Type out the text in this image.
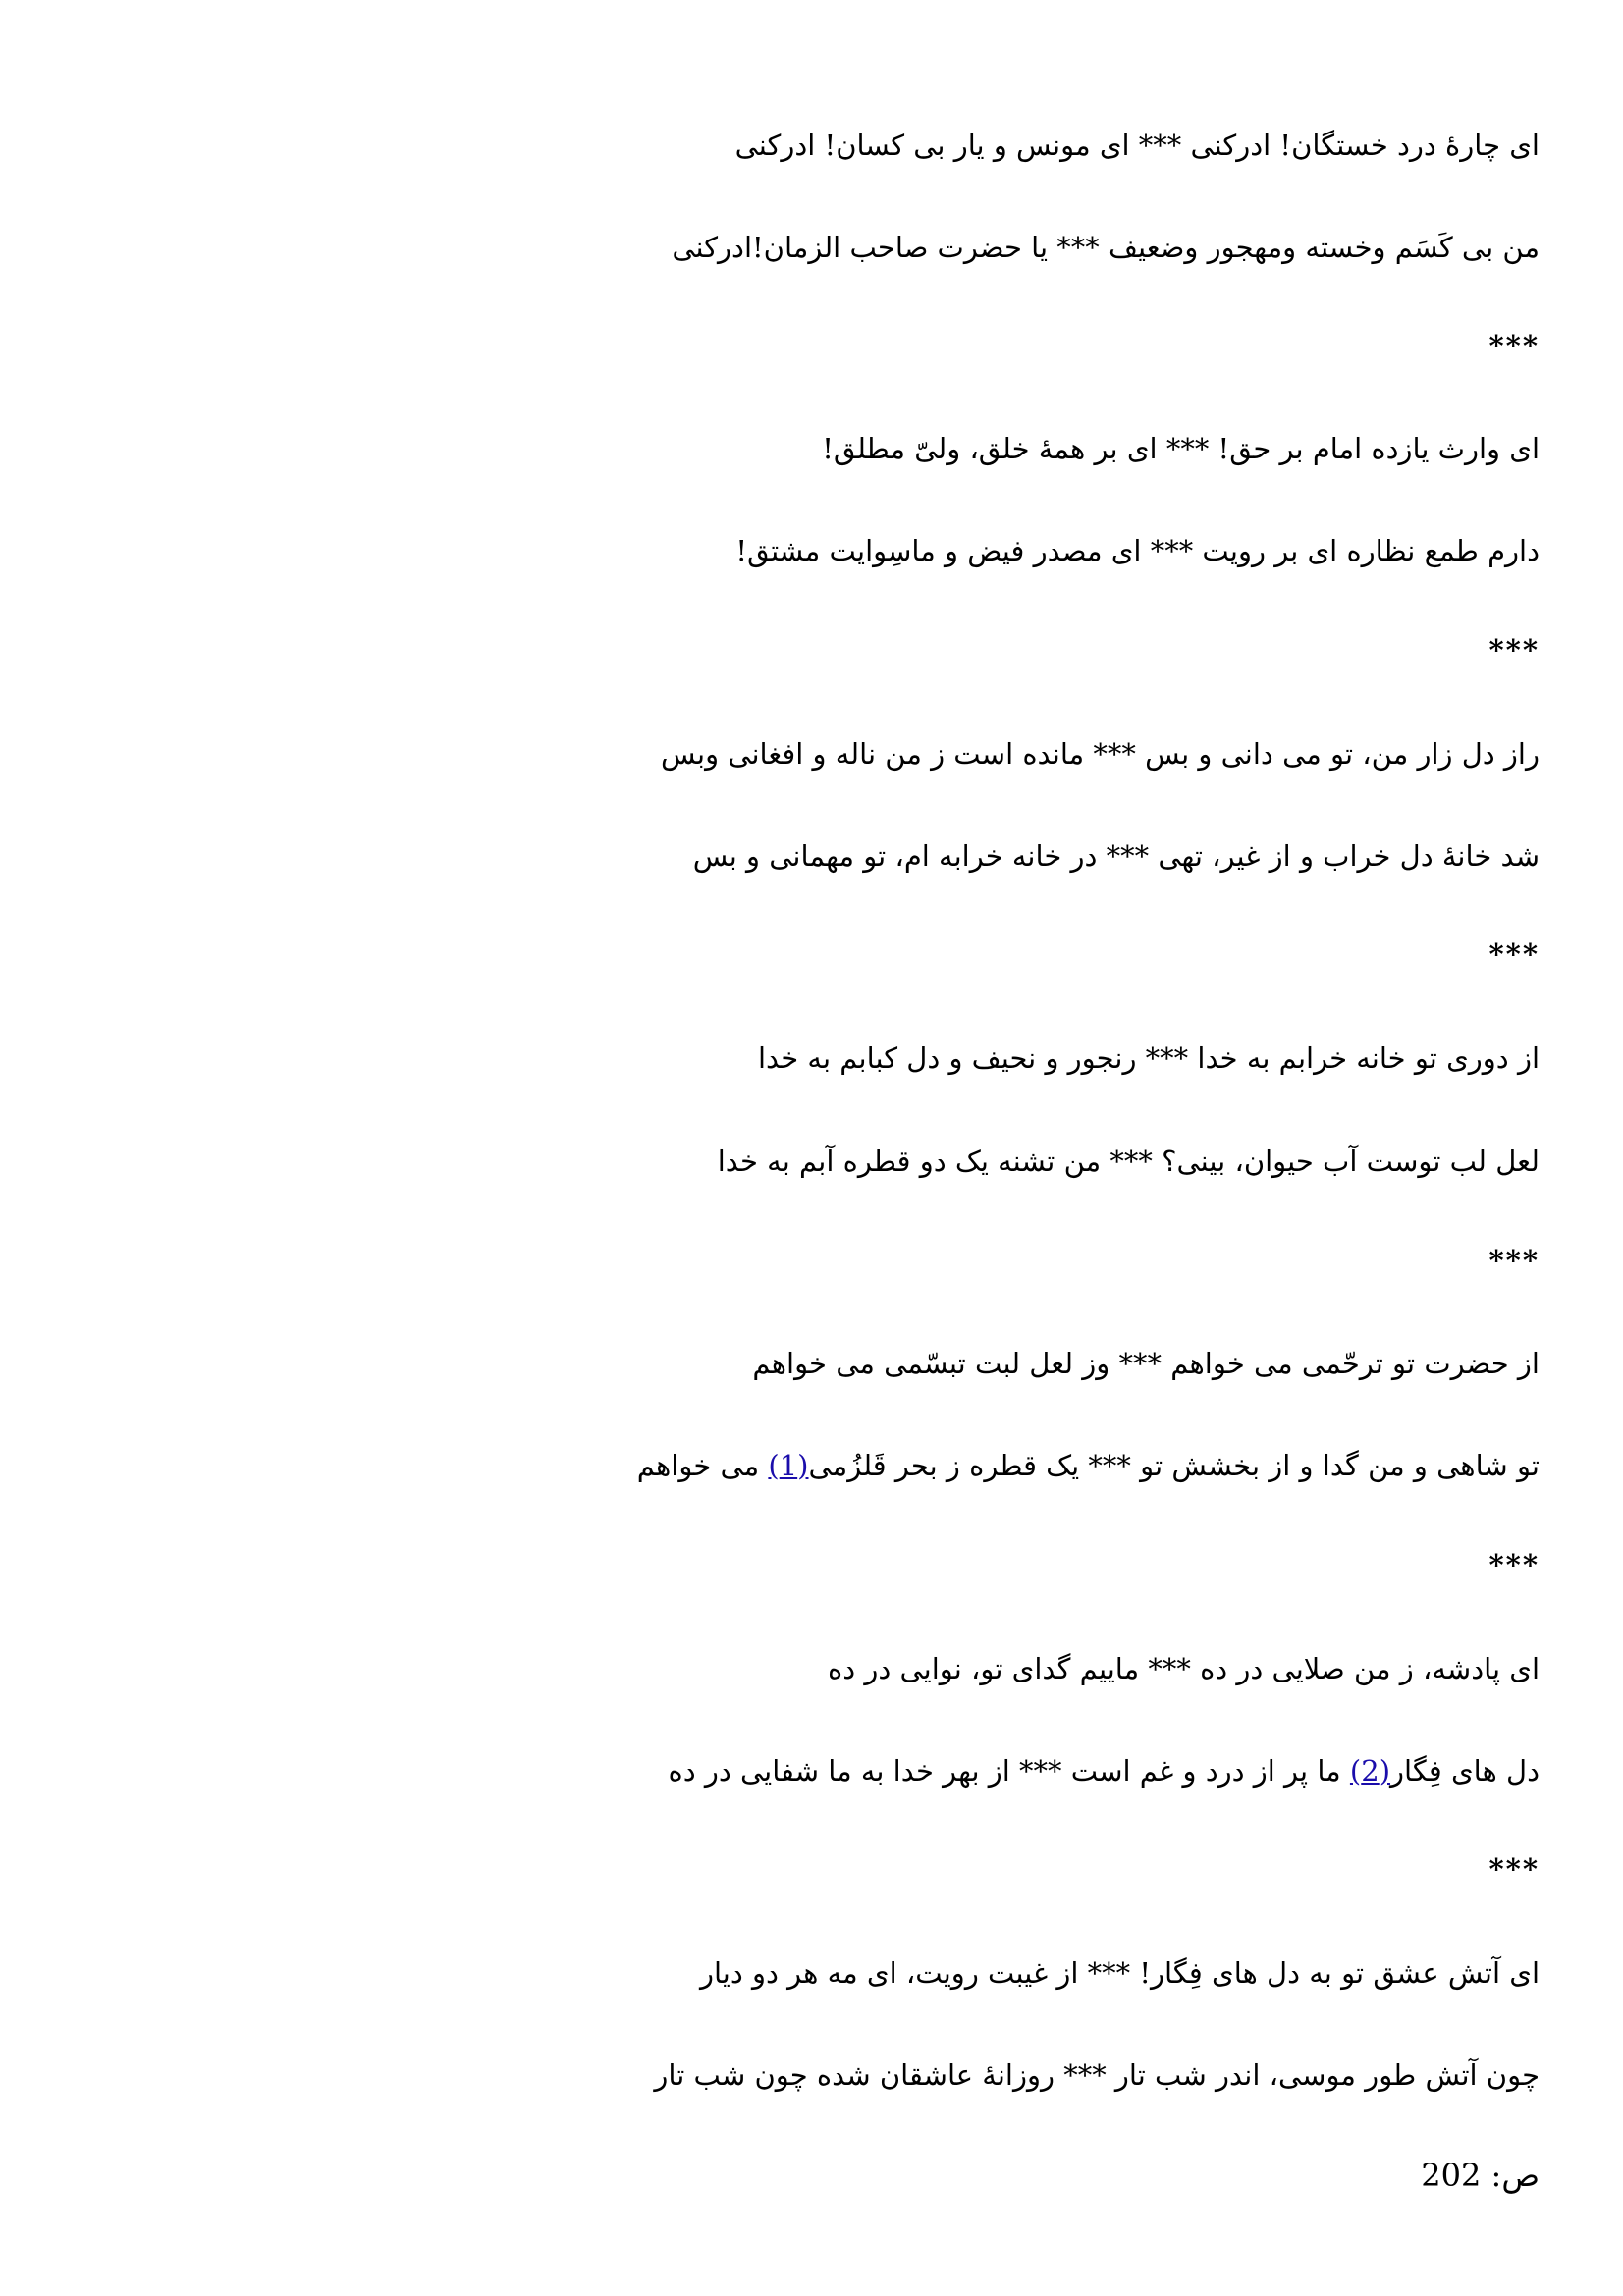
ای چارهٔ درد خستگان! ادرکنی *** ای مونس و یار بی کسان! ادرکنی
من بی کَسَم وخسته ومهجور وضعیف *** یا حضرت صاحب الزمان!ادرکنی
***
ای وارث یازده امام بر حق! *** ای بر همهٔ خلق، ولیّ مطلق!
دارم طمع نظاره ای بر رویت *** ای مصدر فیض و ماسِوایت مشتق!
***
راز دل زار من، تو می دانی و بس *** مانده است ز من ناله و افغانی وبس
شد خانهٔ دل خراب و از غیر، تهی *** در خانه خرابه ام، تو مهمانی و بس
***
از دوری تو خانه خرابم به خدا *** رنجور و نحیف و دل کبابم به خدا
لعل لب توست آب حیوان، بینی؟ *** من تشنه یک دو قطره آبم به خدا
***
از حضرت تو ترحّمی می خواهم *** وز لعل لبت تبسّمی می خواهم
تو شاهی و من گدا و از بخشش تو *** یک قطره ز بحر قَلزُمی(1) می خواهم
***
ای پادشه، ز من صلایی در ده *** ماییم گدای تو، نوایی در ده
دل های فِگار(2) ما پر از درد و غم است *** از بهر خدا به ما شفایی در ده
***
ای آتش عشق تو به دل های فِگار! *** از غیبت رویت، ای مه هر دو دیار
چون آتش طور موسی، اندر شب تار *** روزانهٔ عاشقان شده چون شب تار
ص: 202
